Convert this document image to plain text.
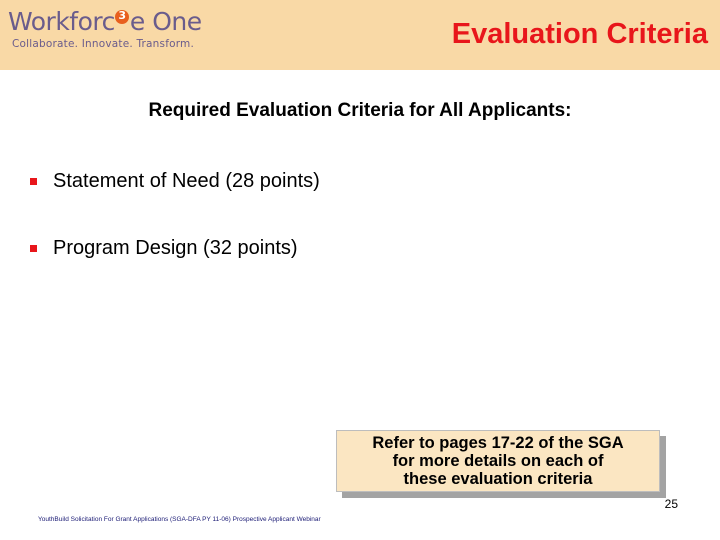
Workforc 3 e One
Collaborate. Innovate. Transform.	Evaluation Criteria
Required Evaluation Criteria for All Applicants:
Statement of Need (28 points)
Program Design (32 points)
Refer to pages 17-22 of the SGA
for more details on each of
these evaluation criteria
25
YouthBuild Solicitation For Grant Applications (SGA-DFA PY 11-06) Prospective Applicant Webinar
